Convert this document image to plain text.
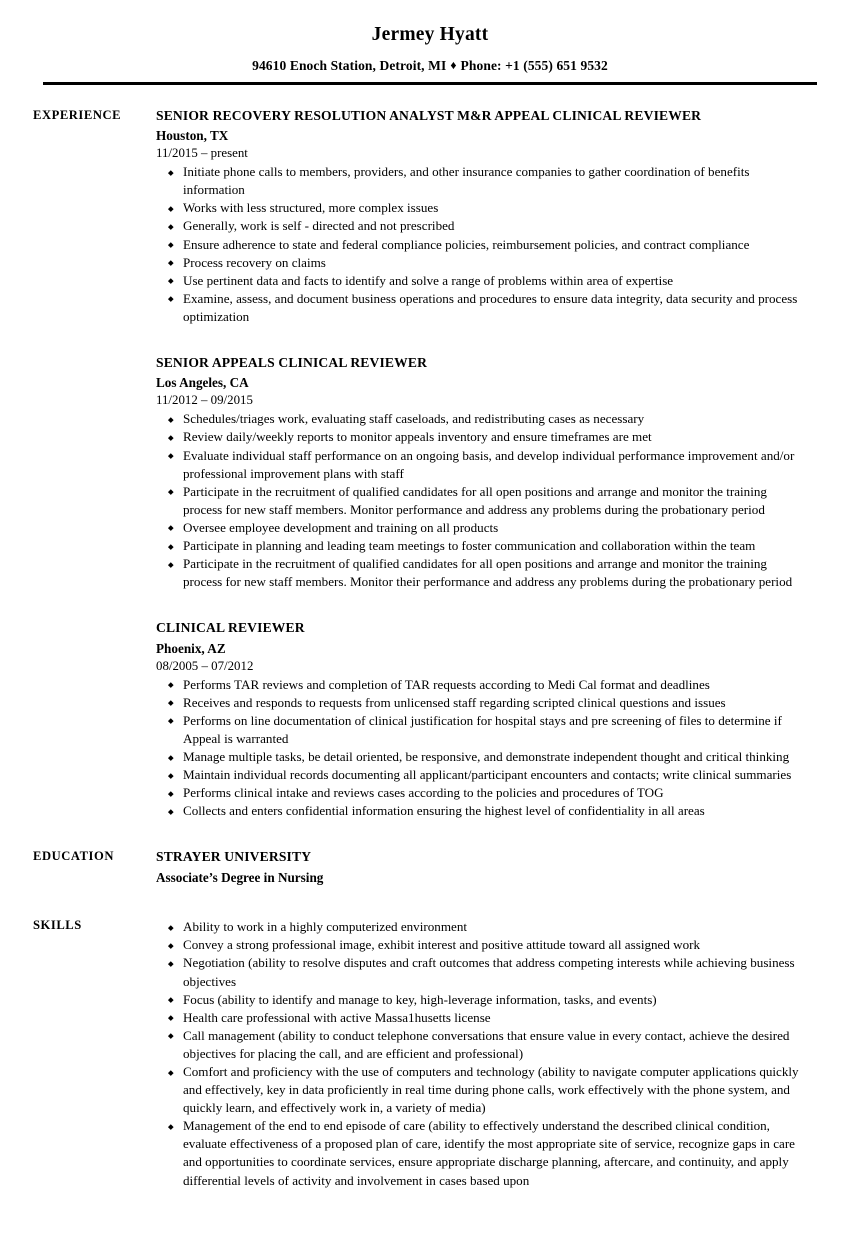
Jermey Hyatt
94610 Enoch Station, Detroit, MI ♦ Phone: +1 (555) 651 9532
EXPERIENCE	SENIOR RECOVERY RESOLUTION ANALYST M&R APPEAL CLINICAL REVIEWER
Houston, TX
11/2015 – present
Initiate phone calls to members, providers, and other insurance companies to gather coordination of benefits information
Works with less structured, more complex issues
Generally, work is self - directed and not prescribed
Ensure adherence to state and federal compliance policies, reimbursement policies, and contract compliance
Process recovery on claims
Use pertinent data and facts to identify and solve a range of problems within area of expertise
Examine, assess, and document business operations and procedures to ensure data integrity, data security and process optimization
SENIOR APPEALS CLINICAL REVIEWER
Los Angeles, CA
11/2012 – 09/2015
Schedules/triages work, evaluating staff caseloads, and redistributing cases as necessary
Review daily/weekly reports to monitor appeals inventory and ensure timeframes are met
Evaluate individual staff performance on an ongoing basis, and develop individual performance improvement and/or professional improvement plans with staff
Participate in the recruitment of qualified candidates for all open positions and arrange and monitor the training process for new staff members. Monitor performance and address any problems during the probationary period
Oversee employee development and training on all products
Participate in planning and leading team meetings to foster communication and collaboration within the team
Participate in the recruitment of qualified candidates for all open positions and arrange and monitor the training process for new staff members. Monitor their performance and address any problems during the probationary period
CLINICAL REVIEWER
Phoenix, AZ
08/2005 – 07/2012
Performs TAR reviews and completion of TAR requests according to Medi Cal format and deadlines
Receives and responds to requests from unlicensed staff regarding scripted clinical questions and issues
Performs on line documentation of clinical justification for hospital stays and pre screening of files to determine if Appeal is warranted
Manage multiple tasks, be detail oriented, be responsive, and demonstrate independent thought and critical thinking
Maintain individual records documenting all applicant/participant encounters and contacts; write clinical summaries
Performs clinical intake and reviews cases according to the policies and procedures of TOG
Collects and enters confidential information ensuring the highest level of confidentiality in all areas
EDUCATION	STRAYER UNIVERSITY
Associate’s Degree in Nursing
SKILLS	Ability to work in a highly computerized environment
Convey a strong professional image, exhibit interest and positive attitude toward all assigned work
Negotiation (ability to resolve disputes and craft outcomes that address competing interests while achieving business objectives
Focus (ability to identify and manage to key, high-leverage information, tasks, and events)
Health care professional with active Massa1husetts license
Call management (ability to conduct telephone conversations that ensure value in every contact, achieve the desired objectives for placing the call, and are efficient and professional)
Comfort and proficiency with the use of computers and technology (ability to navigate computer applications quickly and effectively, key in data proficiently in real time during phone calls, work effectively with the phone system, and quickly learn, and effectively work in, a variety of media)
Management of the end to end episode of care (ability to effectively understand the described clinical condition, evaluate effectiveness of a proposed plan of care, identify the most appropriate site of service, recognize gaps in care and opportunities to coordinate services, ensure appropriate discharge planning, aftercare, and continuity, and apply differential levels of activity and involvement in cases based upon
